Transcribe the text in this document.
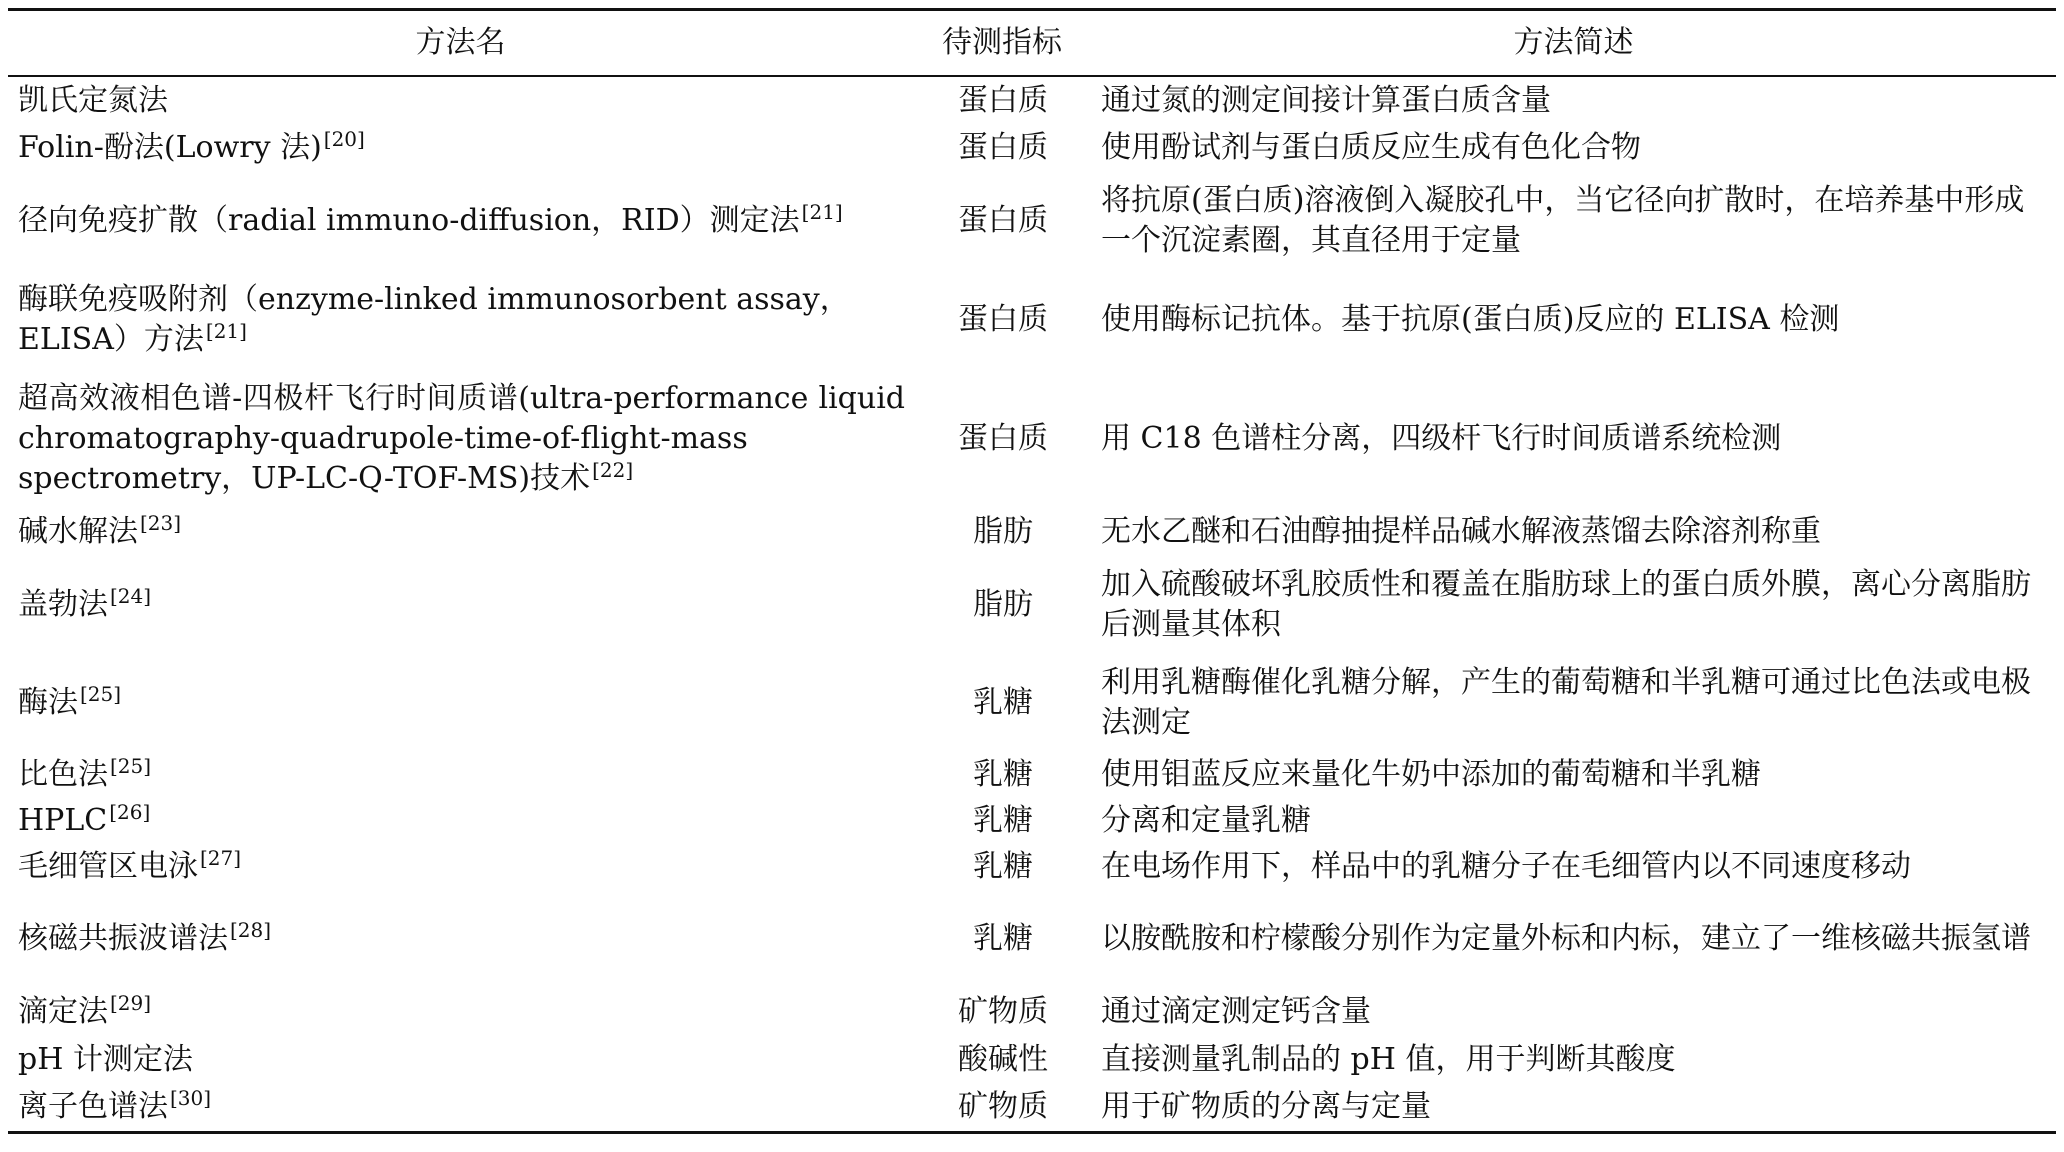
方法名	待测指标	方法简述
凯氏定氮法	蛋白质	通过氮的测定间接计算蛋白质含量
Folin-酚法(Lowry 法) [20]	蛋白质	使用酚试剂与蛋白质反应生成有色化合物
径向免疫扩散（radial immuno-diffusion，RID）测定法 [21]	蛋白质	将抗原(蛋白质)溶液倒入凝胶孔中，当它径向扩散时，在培养基中形成一个沉淀素圈，其直径用于定量
酶联免疫吸附剂（enzyme-linked immunosorbent assay，ELISA）方法 [21]	蛋白质	使用酶标记抗体。基于抗原(蛋白质)反应的 ELISA 检测
超高效液相色谱-四极杆飞行时间质谱(ultra-performance liquid chromatography-quadrupole-time-of-flight-mass spectrometry，UP-LC-Q-TOF-MS)技术 [22]	蛋白质	用 C18 色谱柱分离，四级杆飞行时间质谱系统检测
碱水解法 [23]	脂肪	无水乙醚和石油醇抽提样品碱水解液蒸馏去除溶剂称重
盖勃法 [24]	脂肪	加入硫酸破坏乳胶质性和覆盖在脂肪球上的蛋白质外膜，离心分离脂肪后测量其体积
酶法 [25]	乳糖	利用乳糖酶催化乳糖分解，产生的葡萄糖和半乳糖可通过比色法或电极法测定
比色法 [25]	乳糖	使用钼蓝反应来量化牛奶中添加的葡萄糖和半乳糖
HPLC [26]	乳糖	分离和定量乳糖
毛细管区电泳 [27]	乳糖	在电场作用下，样品中的乳糖分子在毛细管内以不同速度移动
核磁共振波谱法 [28]	乳糖	以胺酰胺和柠檬酸分别作为定量外标和内标，建立了一维核磁共振氢谱
滴定法 [29]	矿物质	通过滴定测定钙含量
pH 计测定法	酸碱性	直接测量乳制品的 pH 值，用于判断其酸度
离子色谱法 [30]	矿物质	用于矿物质的分离与定量
